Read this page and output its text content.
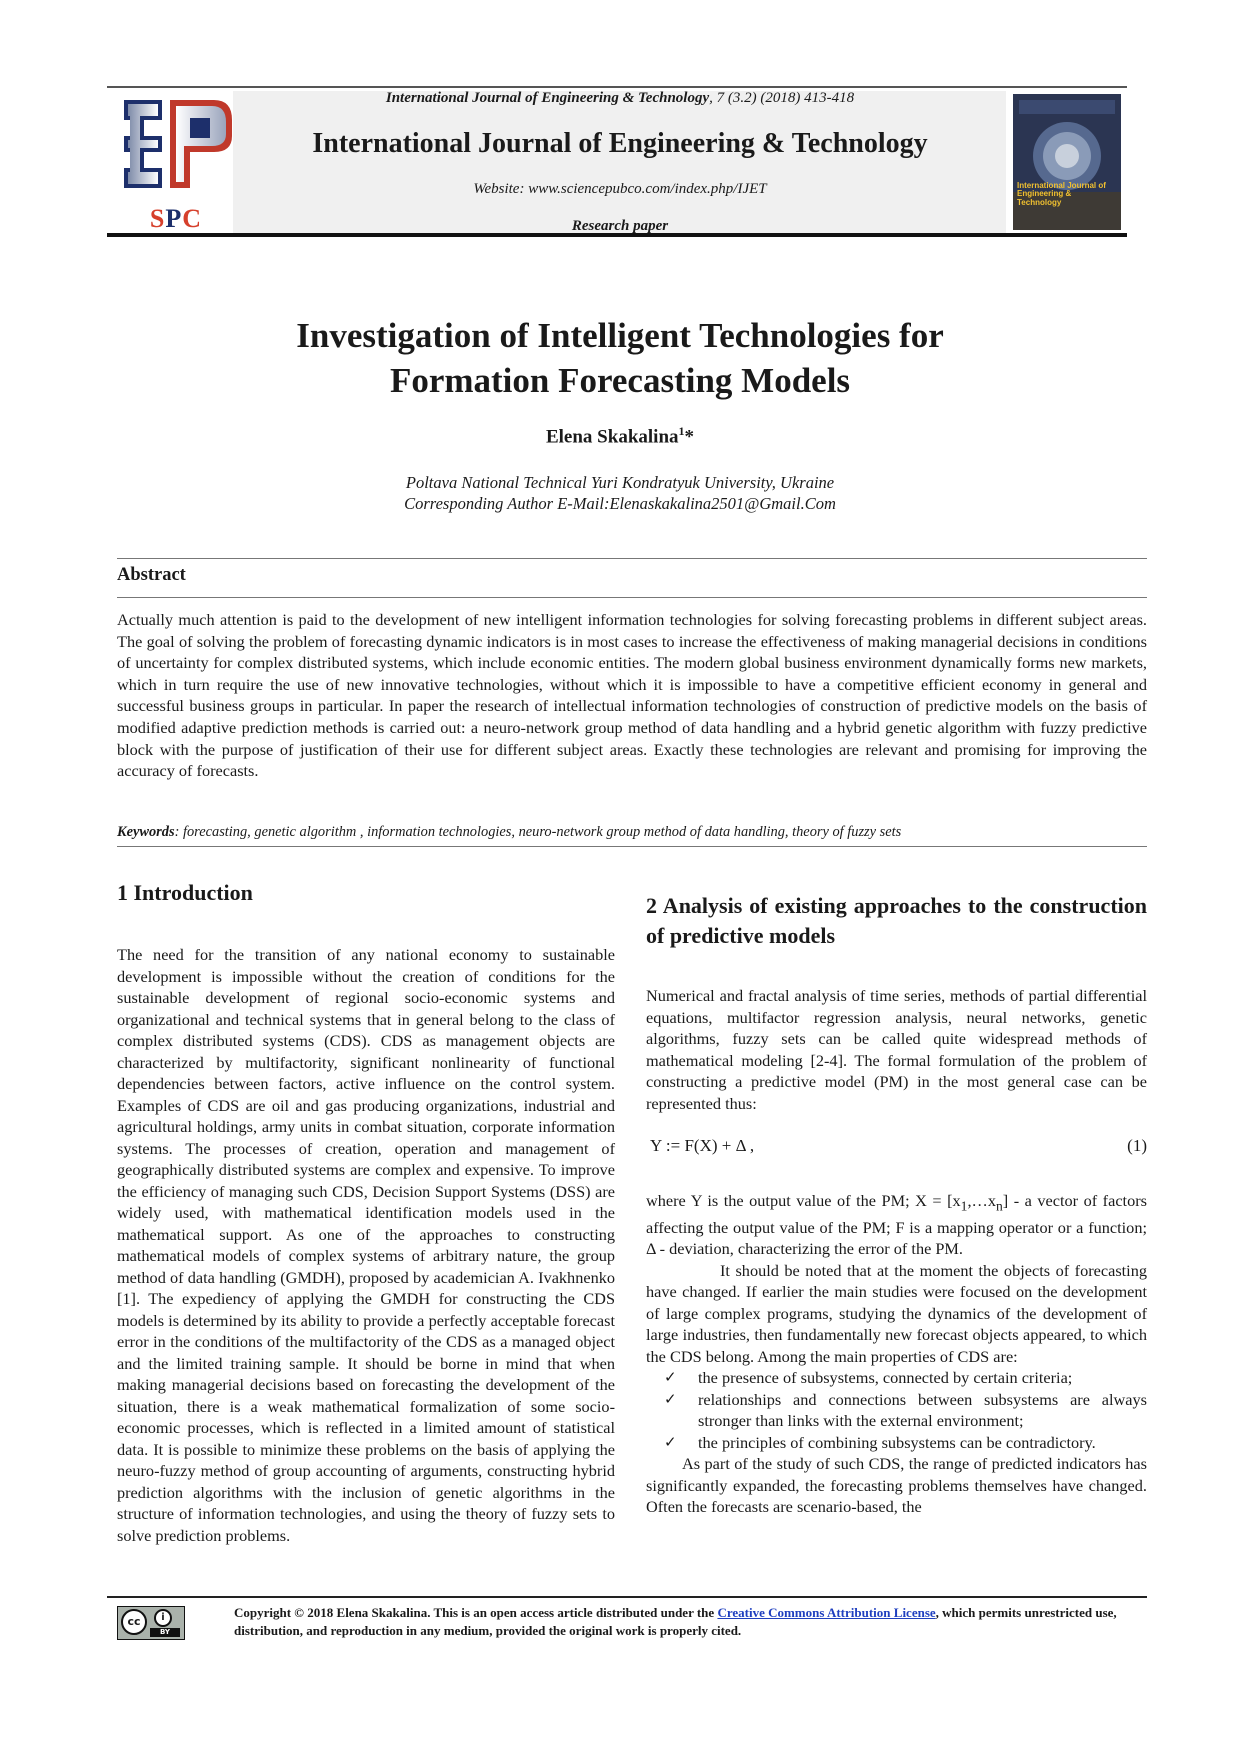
SPC
International Journal of Engineering & Technology
International Journal of Engineering & Technology, 7 (3.2) (2018) 413-418
International Journal of Engineering & Technology
Website: www.sciencepubco.com/index.php/IJET
Research paper
Investigation of Intelligent Technologies for
Formation Forecasting Models
Elena Skakalina$^1$*
Poltava National Technical Yuri Kondratyuk University, Ukraine
Corresponding Author E-Mail:Elenaskakalina2501@Gmail.Com
Abstract
Actually much attention is paid to the development of new intelligent information technologies for solving forecasting problems in different subject areas. The goal of solving the problem of forecasting dynamic indicators is in most cases to increase the effectiveness of making managerial decisions in conditions of uncertainty for complex distributed systems, which include economic entities. The modern global business environment dynamically forms new markets, which in turn require the use of new innovative technologies, without which it is impossible to have a competitive efficient economy in general and successful business groups in particular. In paper the research of intellectual information technologies of construction of predictive models on the basis of modified adaptive prediction methods is carried out: a neuro-network group method of data handling and a hybrid genetic algorithm with fuzzy predictive block with the purpose of justification of their use for different subject areas. Exactly these technologies are relevant and promising for improving the accuracy of forecasts.
Keywords: forecasting, genetic algorithm , information technologies, neuro-network group method of data handling, theory of fuzzy sets
1 Introduction

The need for the transition of any national economy to sustainable development is impossible without the creation of conditions for the sustainable development of regional socio-economic systems and organizational and technical systems that in general belong to the class of complex distributed systems (CDS). CDS as management objects are characterized by multifactority, significant nonlinearity of functional dependencies between factors, active influence on the control system. Examples of CDS are oil and gas producing organizations, industrial and agricultural holdings, army units in combat situation, corporate information systems. The processes of creation, operation and management of geographically distributed systems are complex and expensive. To improve the efficiency of managing such CDS, Decision Support Systems (DSS) are widely used, with mathematical identification models used in the mathematical support. As one of the approaches to constructing mathematical models of complex systems of arbitrary nature, the group method of data handling (GMDH), proposed by academician A. Ivakhnenko [1]. The expediency of applying the GMDH for constructing the CDS models is determined by its ability to provide a perfectly acceptable forecast error in the conditions of the multifactority of the CDS as a managed object and the limited training sample. It should be borne in mind that when making managerial decisions based on forecasting the development of the situation, there is a weak mathematical formalization of some socio-economic processes, which is reflected in a limited amount of statistical data. It is possible to minimize these problems on the basis of applying the neuro-fuzzy method of group accounting of arguments, constructing hybrid prediction algorithms with the inclusion of genetic algorithms in the structure of information technologies, and using the theory of fuzzy sets to solve prediction problems.

2 Analysis of existing approaches to the construction of predictive models

Numerical and fractal analysis of time series, methods of partial differential equations, multifactor regression analysis, neural networks, genetic algorithms, fuzzy sets can be called quite widespread methods of mathematical modeling [2-4]. The formal formulation of the problem of constructing a predictive model (PM) in the most general case can be represented thus:

Y := F(X) + Δ ,	(1)

where Y is the output value of the PM; $X = [x_1,\dots x_n] - a$ vector of factors affecting the output value of the PM; F is a mapping operator or a function; Δ - deviation, characterizing the error of the PM.

It should be noted that at the moment the objects of forecasting have changed. If earlier the main studies were focused on the development of large complex programs, studying the dynamics of the development of large industries, then fundamentally new forecast objects appeared, to which the CDS belong. Among the main properties of CDS are:

✓ the presence of subsystems, connected by certain criteria;
✓ relationships and connections between subsystems are always stronger than links with the external environment;
✓ the principles of combining subsystems can be contradictory.

As part of the study of such CDS, the range of predicted indicators has significantly expanded, the forecasting problems themselves have changed. Often the forecasts are scenario-based, the

cc	i
BY
Copyright © 2018 Elena Skakalina. This is an open access article distributed under the Creative Commons Attribution License, which permits unrestricted use, distribution, and reproduction in any medium, provided the original work is properly cited.
